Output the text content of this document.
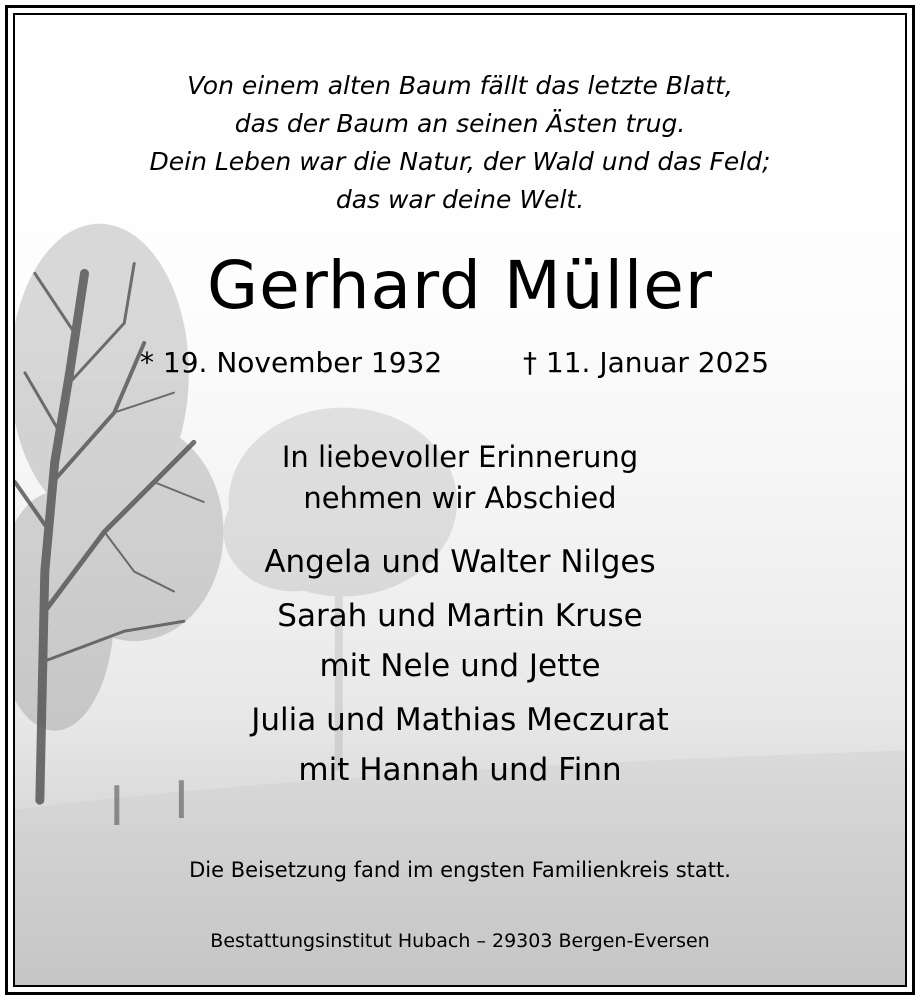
Von einem alten Baum fällt das letzte Blatt,
das der Baum an seinen Ästen trug.
Dein Leben war die Natur, der Wald und das Feld;
das war deine Welt.
Gerhard Müller
* 19. November 1932	† 11. Januar 2025
In liebevoller Erinnerung
nehmen wir Abschied
Angela und Walter Nilges
Sarah und Martin Kruse
mit Nele und Jette
Julia und Mathias Meczurat
mit Hannah und Finn
Die Beisetzung fand im engsten Familienkreis statt.
Bestattungsinstitut Hubach – 29303 Bergen-Eversen
